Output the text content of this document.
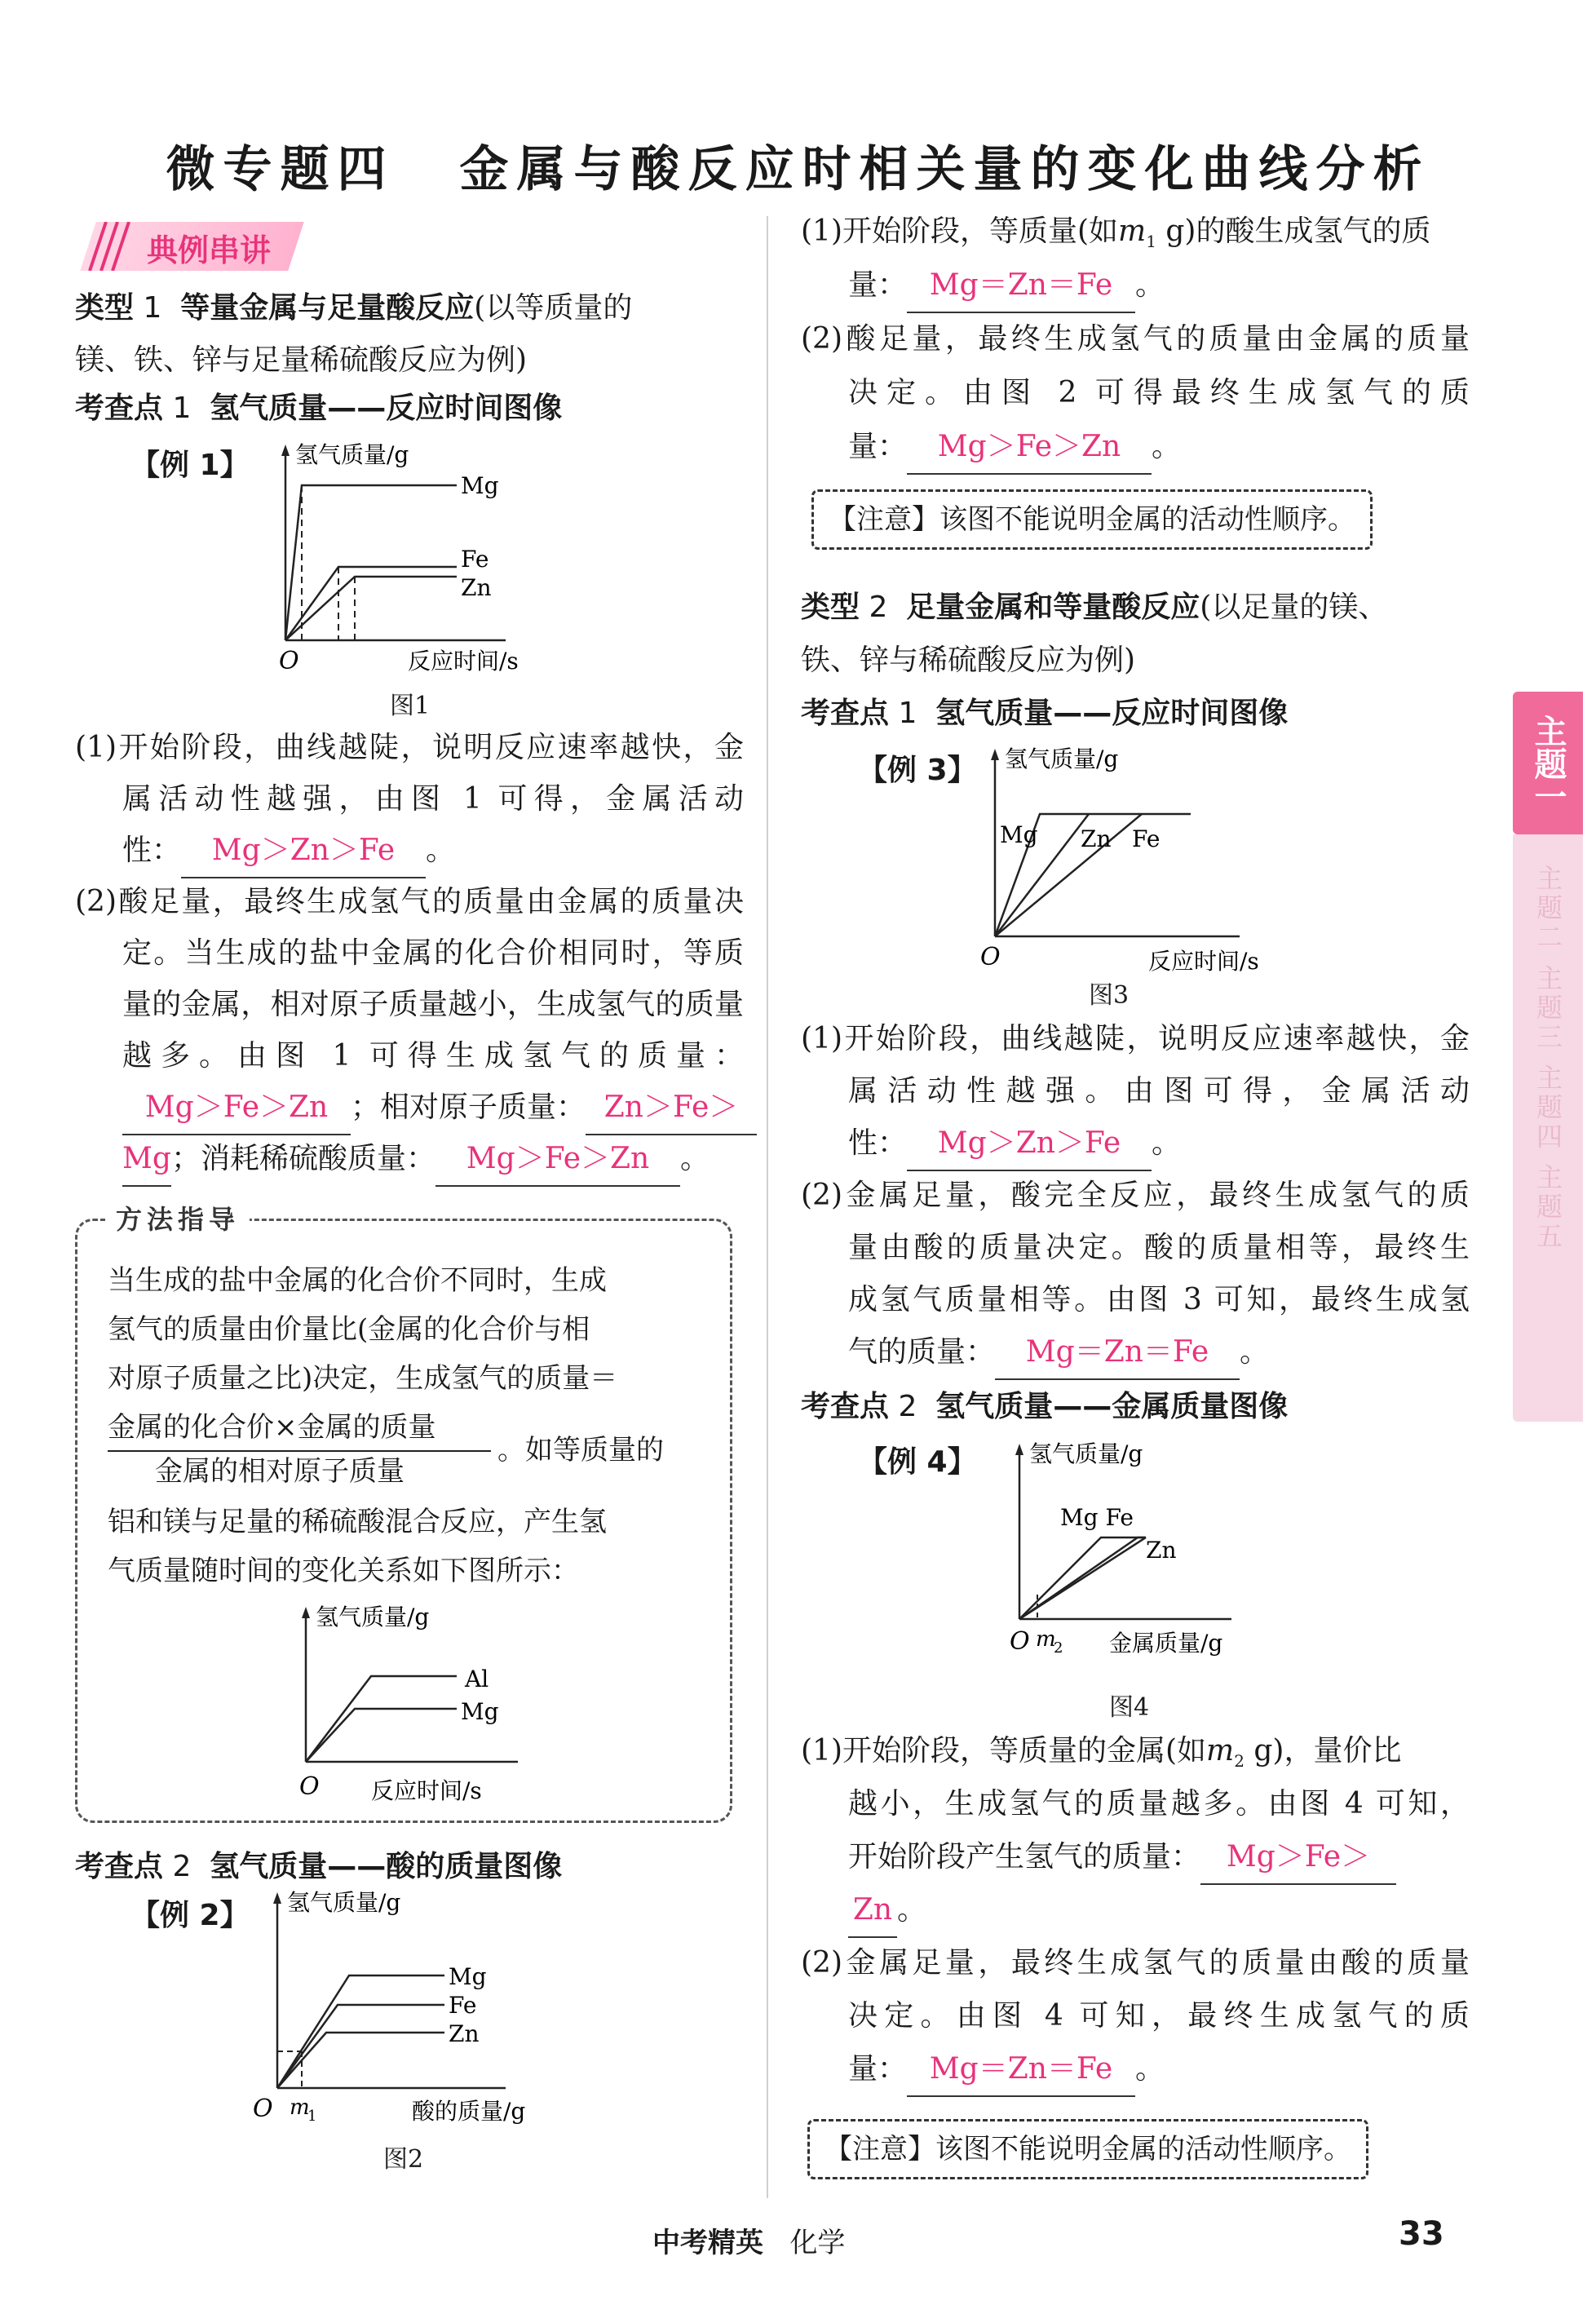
微专题四 金属与酸反应时相关量的变化曲线分析
典例串讲
类型 1 等量金属与足量酸反应(以等质量的
镁、铁、锌与足量稀硫酸反应为例)
考查点 1 氢气质量——反应时间图像
【例 1】 氢气质量/g
Mg
Fe
Zn
O	反应时间/s
图1
(1)开始阶段，曲线越陡，说明反应速率越快，金
属活动性越强，由图 1 可得，金属活动
性： Mg＞Zn＞Fe 。
(2)酸足量，最终生成氢气的质量由金属的质量决
定。当生成的盐中金属的化合价相同时，等质
量的金属，相对原子质量越小，生成氢气的质量
越多。由图 1 可得生成氢气的质量：
Mg＞Fe＞Zn ；相对原子质量： Zn＞Fe＞
Mg；消耗稀硫酸质量： Mg＞Fe＞Zn 。
方法指导
当生成的盐中金属的化合价不同时，生成
氢气的质量由价量比(金属的化合价与相
对原子质量之比)决定，生成氢气的质量＝
金属的化合价×金属的质量
金属的相对原子质量
。如等质量的
铝和镁与足量的稀硫酸混合反应，产生氢
气质量随时间的变化关系如下图所示：
氢气质量/g
Al
Mg
O 反应时间/s
考查点 2 氢气质量——酸的质量图像
【例 2】 氢气质量/g
Mg
Fe
Zn
O m
1	酸的质量/g
图2
(1)开始阶段，等质量(如$m_1$ g)的酸生成氢气的质
量： Mg＝Zn＝Fe 。
(2)酸足量，最终生成氢气的质量由金属的质量
决定。由图 2 可得最终生成氢气的质
量： Mg＞Fe＞Zn 。
【注意】该图不能说明金属的活动性顺序。
类型 2 足量金属和等量酸反应(以足量的镁、
铁、锌与稀硫酸反应为例)
考查点 1 氢气质量——反应时间图像
【例 3】 氢气质量/g
Mg Zn Fe
O	反应时间/s
图3
(1)开始阶段，曲线越陡，说明反应速率越快，金
属活动性越强。由图可得，金属活动
性： Mg＞Zn＞Fe 。
(2)金属足量，酸完全反应，最终生成氢气的质
量由酸的质量决定。酸的质量相等，最终生
成氢气质量相等。由图 3 可知，最终生成氢
气的质量： Mg＝Zn＝Fe 。
考查点 2 氢气质量——金属质量图像
【例 4】 氢气质量/g
Mg Fe
Zn
O m
2 金属质量/g
图4
(1)开始阶段，等质量的金属(如$m_2$ g)，量价比
越小，生成氢气的质量越多。由图 4 可知，
开始阶段产生氢气的质量： Mg＞Fe＞
Zn 。
(2)金属足量，最终生成氢气的质量由酸的质量
决定。由图 4 可知，最终生成氢气的质
量： Mg＝Zn＝Fe 。
【注意】该图不能说明金属的活动性顺序。
主题一
主题二 主题三 主题四 主题五
中考精英 化学	33
